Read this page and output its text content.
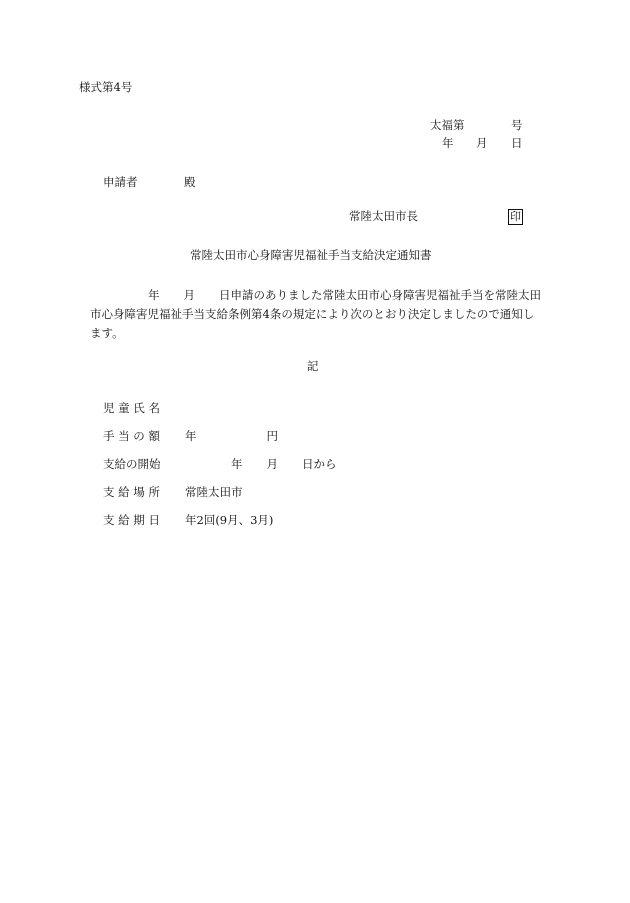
様式第4号
太福第	号
年 月 日
申請者	殿
常陸太田市長	印
常陸太田市心身障害児福祉手当支給決定通知書
年 月 日申請のありました常陸太田市心身障害児福祉手当を常陸太田
市心身障害児福祉手当支給条例第4条の規定により次のとおり決定しましたので通知し
ます。
記
児 童 氏 名
手 当 の 額 年	円
支給の開始	年 月 日から
支 給 場 所 常陸太田市
支 給 期 日 年2回(9月、3月)
